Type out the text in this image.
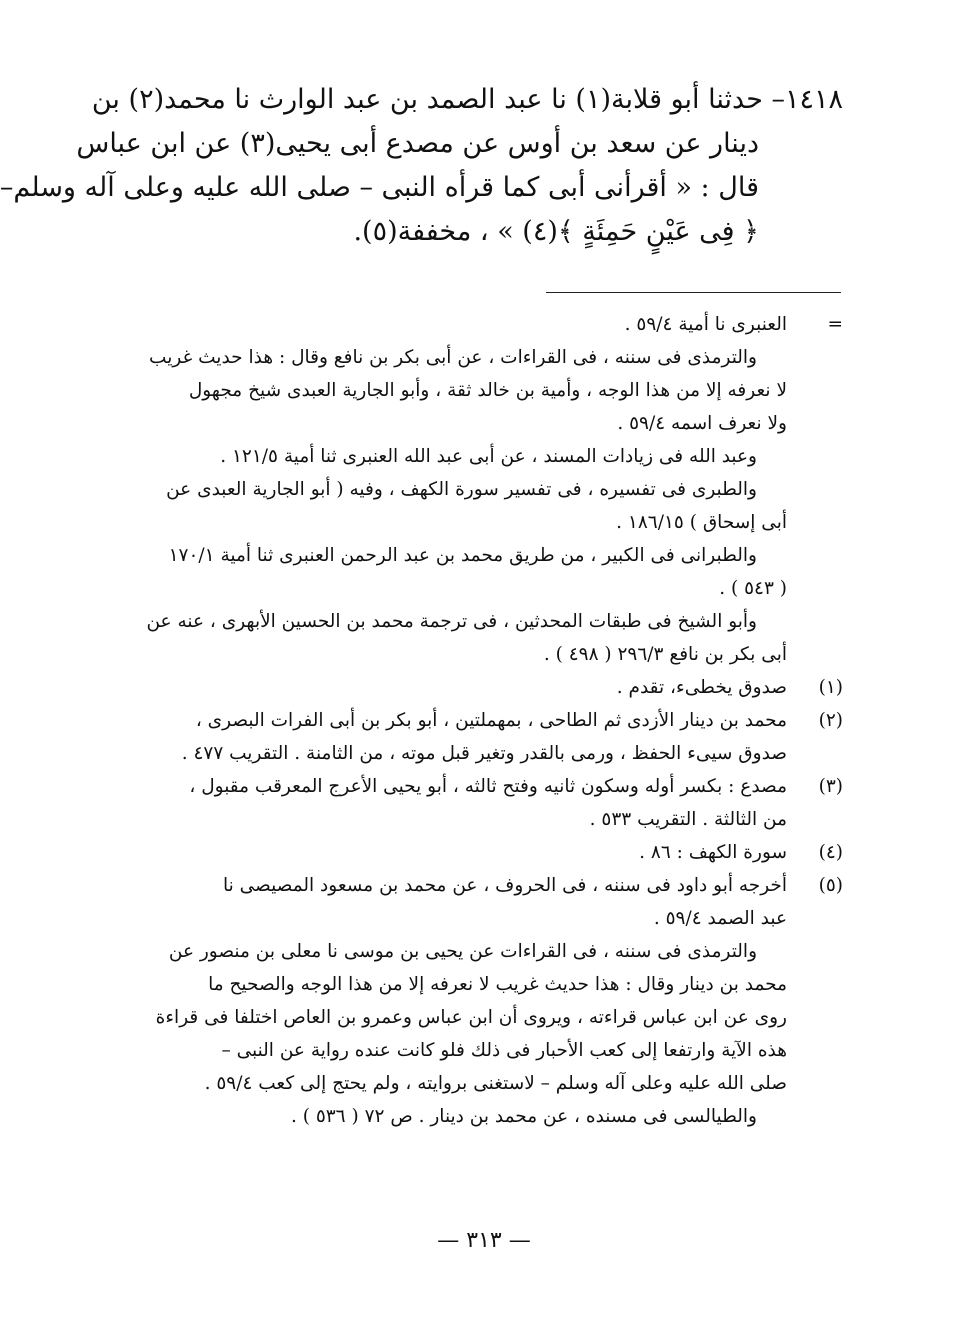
١٤١٨– حدثنا أبو قلابة(١) نا عبد الصمد بن عبد الوارث نا محمد(٢) بن
دينار عن سعد بن أوس عن مصدع أبى يحيى(٣) عن ابن عباس
قال : « أقرأنى أبى كما قرأه النبى – صلى الله عليه وعلى آله وسلم–
﴿ فِى عَيْنٍ حَمِئَةٍ ﴾(٤) » ، مخففة(٥).
=
العنبرى نا أمية ٥٩/٤ .
والترمذى فى سننه ، فى القراءات ، عن أبى بكر بن نافع وقال : هذا حديث غريب
لا نعرفه إلا من هذا الوجه ، وأمية بن خالد ثقة ، وأبو الجارية العبدى شيخ مجهول
ولا نعرف اسمه ٥٩/٤ .
وعبد الله فى زيادات المسند ، عن أبى عبد الله العنبرى ثنا أمية ١٢١/٥ .
والطبرى فى تفسيره ، فى تفسير سورة الكهف ، وفيه ( أبو الجارية العبدى عن
أبى إسحاق ) ١٨٦/١٥ .
والطبرانى فى الكبير ، من طريق محمد بن عبد الرحمن العنبرى ثنا أمية ١٧٠/١
( ٥٤٣ ) .
وأبو الشيخ فى طبقات المحدثين ، فى ترجمة محمد بن الحسين الأبهرى ، عنه عن
أبى بكر بن نافع ٢٩٦/٣ ( ٤٩٨ ) .
(١)
صدوق يخطىء، تقدم .
(٢)
محمد بن دينار الأزدى ثم الطاحى ، بمهملتين ، أبو بكر بن أبى الفرات البصرى ،
صدوق سيىء الحفظ ، ورمى بالقدر وتغير قبل موته ، من الثامنة . التقريب ٤٧٧ .
(٣)
مصدع : بكسر أوله وسكون ثانيه وفتح ثالثه ، أبو يحيى الأعرج المعرقب مقبول ،
من الثالثة . التقريب ٥٣٣ .
(٤)
سورة الكهف : ٨٦ .
(٥)
أخرجه أبو داود فى سننه ، فى الحروف ، عن محمد بن مسعود المصيصى نا
عبد الصمد ٥٩/٤ .
والترمذى فى سننه ، فى القراءات عن يحيى بن موسى نا معلى بن منصور عن
محمد بن دينار وقال : هذا حديث غريب لا نعرفه إلا من هذا الوجه والصحيح ما
روى عن ابن عباس قراءته ، ويروى أن ابن عباس وعمرو بن العاص اختلفا فى قراءة
هذه الآية وارتفعا إلى كعب الأحبار فى ذلك فلو كانت عنده رواية عن النبى –
صلى الله عليه وعلى آله وسلم – لاستغنى بروايته ، ولم يحتج إلى كعب ٥٩/٤ .
والطيالسى فى مسنده ، عن محمد بن دينار . ص ٧٢ ( ٥٣٦ ) .
— ٣١٣ —
